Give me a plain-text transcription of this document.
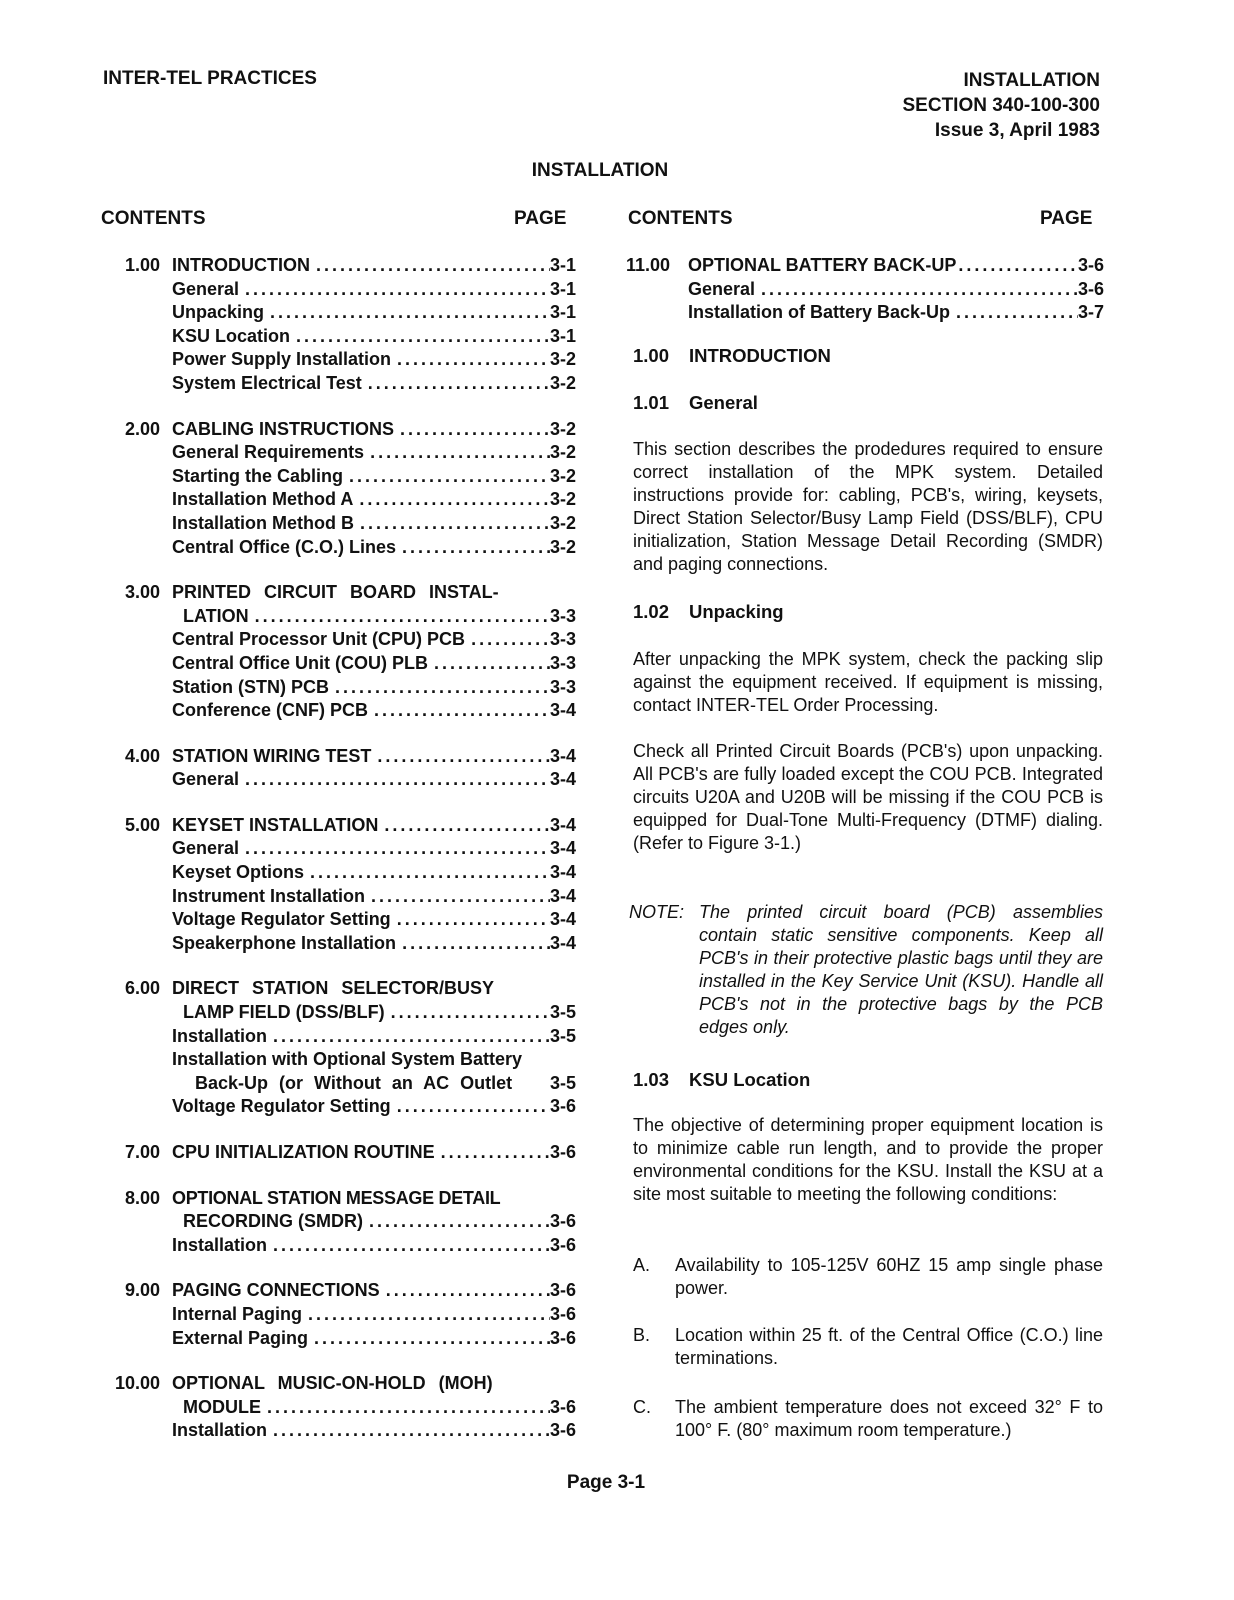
INTER-TEL PRACTICES	INSTALLATION
SECTION 340-100-300
Issue 3, April 1983
INSTALLATION
CONTENTS	PAGE	CONTENTS	PAGE
1.00 INTRODUCTION . . .	3-1
General . . .	3-1
Unpacking . . .	3-1
KSU Location . . .	3-1
Power Supply Installation . . .	3-2
System Electrical Test . . .	3-2
2.00 CABLING INSTRUCTIONS . . .	3-2
General Requirements . . .	3-2
Starting the Cabling . . .	3-2
Installation Method A . . .	3-2
Installation Method B . . .	3-2
Central Office (C.O.) Lines . . .	3-2
3.00 PRINTED CIRCUIT BOARD INSTAL-
LATION . . .	3-3
Central Processor Unit (CPU) PCB . . .	3-3
Central Office Unit (COU) PLB . . .	3-3
Station (STN) PCB . . .	3-3
Conference (CNF) PCB . . .	3-4
4.00 STATION WIRING TEST . . .	3-4
General . . .	3-4
5.00 KEYSET INSTALLATION . . .	3-4
General . . .	3-4
Keyset Options . . .	3-4
Instrument Installation . . .	3-4
Voltage Regulator Setting . . .	3-4
Speakerphone Installation . . .	3-4
6.00 DIRECT STATION SELECTOR/BUSY
LAMP FIELD (DSS/BLF) . . .	3-5
Installation . . .	3-5
Installation with Optional System Battery
Back-Up (or Without an AC Outlet 3-5
Voltage Regulator Setting . . .	3-6
7.00 CPU INITIALIZATION ROUTINE . . .	3-6
8.00 OPTIONAL STATION MESSAGE DETAIL
RECORDING (SMDR) . . .	3-6
Installation . . .	3-6
9.00 PAGING CONNECTIONS . . .	3-6
Internal Paging . . .	3-6
External Paging . . .	3-6
10.00 OPTIONAL MUSIC-ON-HOLD (MOH)
MODULE . . .	3-6
Installation . . .	3-6
11.00 OPTIONAL BATTERY BACK-UP . . .	3-6
General . . .	3-6
Installation of Battery Back-Up . . .	3-7
1.00 INTRODUCTION
1.01 General

This section describes the prodedures required to ensure correct installation of the MPK system. Detailed instructions provide for: cabling, PCB's, wiring, keysets, Direct Station Selector/Busy Lamp Field (DSS/BLF), CPU initialization, Station Message Detail Recording (SMDR) and paging connections.

1.02 Unpacking

After unpacking the MPK system, check the packing slip against the equipment received. If equipment is missing, contact INTER-TEL Order Processing.

Check all Printed Circuit Boards (PCB's) upon unpacking. All PCB's are fully loaded except the COU PCB. Integrated circuits U20A and U20B will be missing if the COU PCB is equipped for Dual-Tone Multi-Frequency (DTMF) dialing. (Refer to Figure 3-1.)

NOTE: The printed circuit board (PCB) assemblies contain static sensitive components. Keep all PCB's in their protective plastic bags until they are installed in the Key Service Unit (KSU). Handle all PCB's not in the protective bags by the PCB edges only.

1.03 KSU Location

The objective of determining proper equipment location is to minimize cable run length, and to provide the proper environmental conditions for the KSU. Install the KSU at a site most suitable to meeting the following conditions:

A.	Availability to 105-125V 60HZ 15 amp single phase power.

B.	Location within 25 ft. of the Central Office (C.O.) line terminations.

C.	The ambient temperature does not exceed 32° F to 100° F. (80° maximum room temperature.)

Page 3-1
